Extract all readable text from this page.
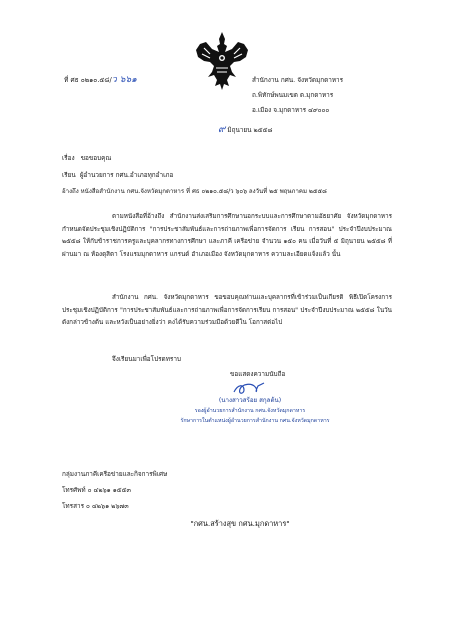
ที่ ศธ ๐๒๑๐.๕๘/ว ๖๖๑	สำนักงาน กศน. จังหวัดมุกดาหาร
ถ.พิทักษ์พนมเขต ต.มุกดาหาร
อ.เมือง จ.มุกดาหาร ๔๙๐๐๐
๙ มิถุนายน ๒๕๕๘
เรื่อง ขอขอบคุณ
เรียน ผู้อำนวยการ กศน.อำเภอทุกอำเภอ
อ้างถึง หนังสือสำนักงาน กศน.จังหวัดมุกดาหาร ที่ ศธ ๐๒๑๐.๕๘/ว ๖๐๖ ลงวันที่ ๒๕ พฤษภาคม ๒๕๕๘
ตามหนังสือที่อ้างถึง สำนักงานส่งเสริมการศึกษานอกระบบและการศึกษาตามอัธยาศัย จังหวัดมุกดาหาร กำหนดจัดประชุมเชิงปฏิบัติการ "การประชาสัมพันธ์และการถ่ายภาพเพื่อการจัดการ เรียน การสอน" ประจำปีงบประมาณ ๒๕๕๘ ให้กับข้าราชการครูและบุคลากรทางการศึกษา และภาคี เครือข่าย จำนวน ๑๕๐ คน เมื่อวันที่ ๕ มิถุนายน ๒๕๕๘ ที่ผ่านมา ณ ห้องดุสิตา โรงแรมมุกดาหาร แกรนด์ อำเภอเมือง จังหวัดมุกดาหาร ความละเอียดแจ้งแล้ว นั้น
สำนักงาน กศน. จังหวัดมุกดาหาร ขอขอบคุณท่านและบุคลากรที่เข้าร่วมเป็นเกียรติ พิธีเปิดโครงการประชุมเชิงปฏิบัติการ "การประชาสัมพันธ์และการถ่ายภาพเพื่อการจัดการเรียน การสอน" ประจำปีงบประมาณ ๒๕๕๘ ในวันดังกล่าวข้างต้น และหวังเป็นอย่างยิ่งว่า คงได้รับความร่วมมือด้วยดีใน โอกาสต่อไป
จึงเรียนมาเพื่อโปรดทราบ
ขอแสดงความนับถือ
(นางสาวสร้อย สกุลต้น)
รองผู้อำนวยการสำนักงาน กศน.จังหวัดมุกดาหาร
รักษาการในตำแหน่งผู้อำนวยการสำนักงาน กศน.จังหวัดมุกดาหาร
กลุ่มงานภาคีเครือข่ายและกิจการพิเศษ
โทรศัพท์ ๐ ๔๒๖๑ ๑๕๕๓
โทรสาร ๐ ๔๒๖๑ ๒๖๗๓
"กศน.สร้างสุข กศน.มุกดาหาร"
